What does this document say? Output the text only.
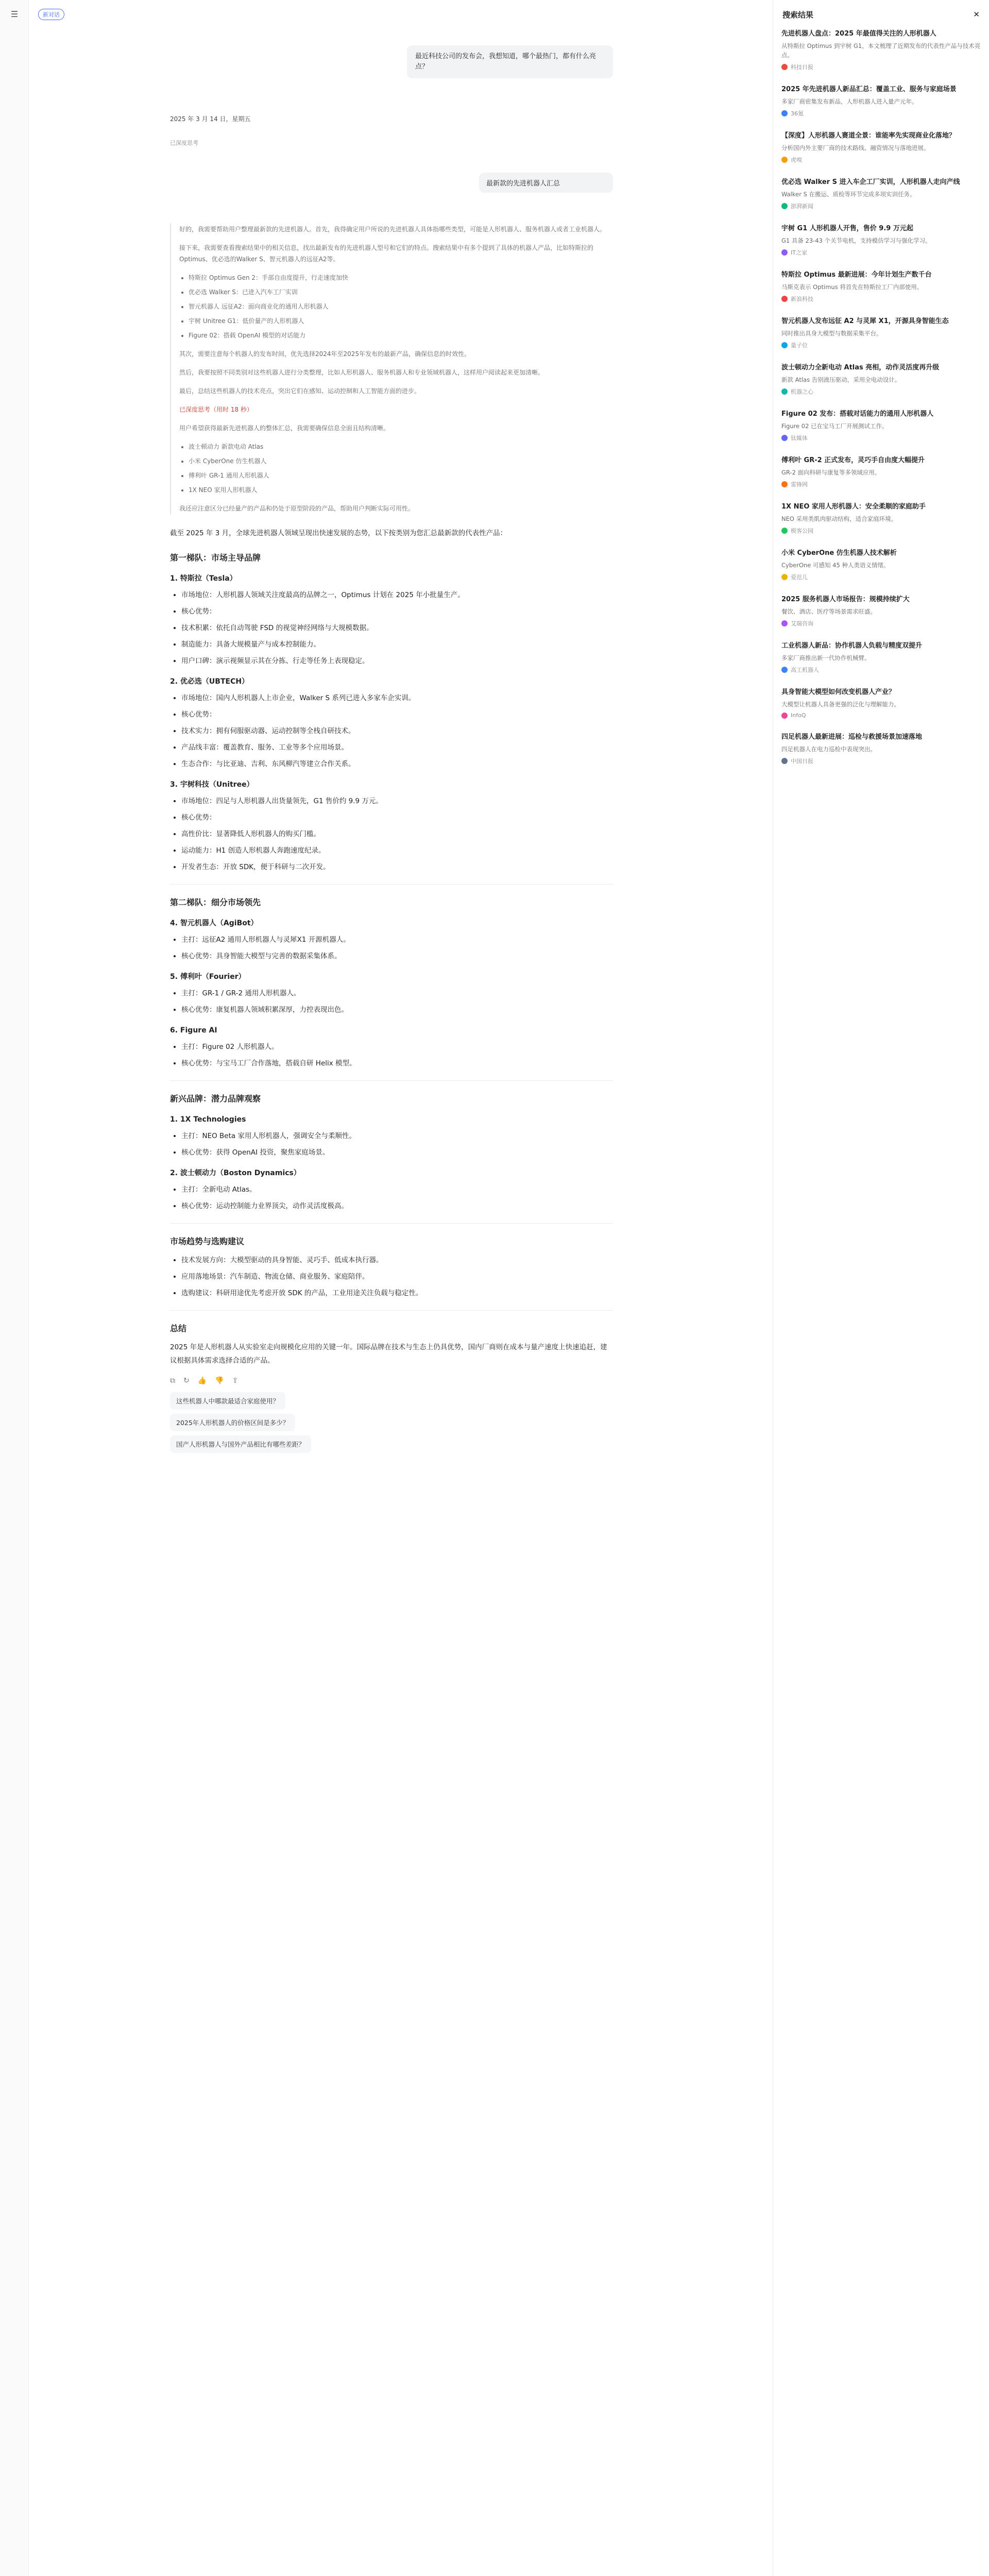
☰	新对话
最近科技公司的发布会，我想知道，哪个最热门，都有什么亮点？
2025 年 3 月 14 日，星期五
已深度思考
最新款的先进机器人汇总

好的，我需要帮助用户整理最新款的先进机器人。首先，我得确定用户所说的先进机器人具体指哪些类型，可能是人形机器人、服务机器人或者工业机器人。

接下来，我需要查看搜索结果中的相关信息，找出最新发布的先进机器人型号和它们的特点。搜索结果中有多个提到了具体的机器人产品，比如特斯拉的Optimus、优必选的Walker S、智元机器人的远征A2等。

• 特斯拉 Optimus Gen 2：手部自由度提升，行走速度加快
• 优必选 Walker S：已进入汽车工厂实训
• 智元机器人 远征A2：面向商业化的通用人形机器人
• 宇树 Unitree G1：低价量产的人形机器人
• Figure 02：搭载 OpenAI 模型的对话能力

其次，需要注意每个机器人的发布时间，优先选择2024年至2025年发布的最新产品，确保信息的时效性。

然后，我要按照不同类别对这些机器人进行分类整理，比如人形机器人、服务机器人和专业领域机器人，这样用户阅读起来更加清晰。

最后，总结这些机器人的技术亮点，突出它们在感知、运动控制和人工智能方面的进步。

已深度思考（用时 18 秒）

用户希望获得最新先进机器人的整体汇总，我需要确保信息全面且结构清晰。

• 波士顿动力 新款电动 Atlas
• 小米 CyberOne 仿生机器人
• 傅利叶 GR-1 通用人形机器人
• 1X NEO 家用人形机器人

我还应注意区分已经量产的产品和仍处于原型阶段的产品，帮助用户判断实际可用性。

截至 2025 年 3 月，全球先进机器人领域呈现出快速发展的态势，以下按类别为您汇总最新款的代表性产品：

第一梯队：市场主导品牌
1. 特斯拉（Tesla）
• 市场地位：人形机器人领域关注度最高的品牌之一，Optimus 计划在 2025 年小批量生产。
• 核心优势：
• 技术积累：依托自动驾驶 FSD 的视觉神经网络与大规模数据。
• 制造能力：具备大规模量产与成本控制能力。
• 用户口碑：演示视频显示其在分拣、行走等任务上表现稳定。
2. 优必选（UBTECH）
• 市场地位：国内人形机器人上市企业，Walker S 系列已进入多家车企实训。
• 核心优势：
• 技术实力：拥有伺服驱动器、运动控制等全栈自研技术。
• 产品线丰富：覆盖教育、服务、工业等多个应用场景。
• 生态合作：与比亚迪、吉利、东风柳汽等建立合作关系。
3. 宇树科技（Unitree）
• 市场地位：四足与人形机器人出货量领先，G1 售价约 9.9 万元。
• 核心优势：
• 高性价比：显著降低人形机器人的购买门槛。
• 运动能力：H1 创造人形机器人奔跑速度纪录。
• 开发者生态：开放 SDK，便于科研与二次开发。
第二梯队：细分市场领先
4. 智元机器人（AgiBot）
• 主打：远征A2 通用人形机器人与灵犀X1 开源机器人。
• 核心优势：具身智能大模型与完善的数据采集体系。
5. 傅利叶（Fourier）
• 主打：GR-1 / GR-2 通用人形机器人。
• 核心优势：康复机器人领域积累深厚，力控表现出色。
6. Figure AI
• 主打：Figure 02 人形机器人。
• 核心优势：与宝马工厂合作落地，搭载自研 Helix 模型。
新兴品牌：潜力品牌观察
1. 1X Technologies
• 主打：NEO Beta 家用人形机器人，强调安全与柔顺性。
• 核心优势：获得 OpenAI 投资，聚焦家庭场景。
2. 波士顿动力（Boston Dynamics）
• 主打：全新电动 Atlas。
• 核心优势：运动控制能力业界顶尖，动作灵活度极高。
市场趋势与选购建议
• 技术发展方向：大模型驱动的具身智能、灵巧手、低成本执行器。
• 应用落地场景：汽车制造、物流仓储、商业服务、家庭陪伴。
• 选购建议：科研用途优先考虑开放 SDK 的产品，工业用途关注负载与稳定性。
总结

2025 年是人形机器人从实验室走向规模化应用的关键一年。国际品牌在技术与生态上仍具优势，国内厂商则在成本与量产速度上快速追赶，建议根据具体需求选择合适的产品。

⧉ ↻ 👍 👎 ⇪
这些机器人中哪款最适合家庭使用？
2025年人形机器人的价格区间是多少？
国产人形机器人与国外产品相比有哪些差距？
搜索结果	✕
先进机器人盘点：2025 年最值得关注的人形机器人
从特斯拉 Optimus 到宇树 G1，本文梳理了近期发布的代表性产品与技术亮点。
科技日报
2025 年先进机器人新品汇总：覆盖工业、服务与家庭场景
多家厂商密集发布新品，人形机器人进入量产元年。
36氪
【深度】人形机器人赛道全景：谁能率先实现商业化落地？
分析国内外主要厂商的技术路线、融资情况与落地进展。
虎嗅
优必选 Walker S 进入车企工厂实训，人形机器人走向产线
Walker S 在搬运、质检等环节完成多项实训任务。
澎湃新闻
宇树 G1 人形机器人开售，售价 9.9 万元起
G1 具备 23-43 个关节电机，支持模仿学习与强化学习。
IT之家
特斯拉 Optimus 最新进展：今年计划生产数千台
马斯克表示 Optimus 将首先在特斯拉工厂内部使用。
新浪科技
智元机器人发布远征 A2 与灵犀 X1，开源具身智能生态
同时推出具身大模型与数据采集平台。
量子位
波士顿动力全新电动 Atlas 亮相，动作灵活度再升级
新款 Atlas 告别液压驱动，采用全电动设计。
机器之心
Figure 02 发布：搭载对话能力的通用人形机器人
Figure 02 已在宝马工厂开展测试工作。
钛媒体
傅利叶 GR-2 正式发布，灵巧手自由度大幅提升
GR-2 面向科研与康复等多领域应用。
雷锋网
1X NEO 家用人形机器人：安全柔顺的家庭助手
NEO 采用类肌肉驱动结构，适合家庭环境。
极客公园
小米 CyberOne 仿生机器人技术解析
CyberOne 可感知 45 种人类语义情绪。
爱范儿
2025 服务机器人市场报告：规模持续扩大
餐饮、酒店、医疗等场景需求旺盛。
艾瑞咨询
工业机器人新品：协作机器人负载与精度双提升
多家厂商推出新一代协作机械臂。
高工机器人
具身智能大模型如何改变机器人产业？
大模型让机器人具备更强的泛化与理解能力。
InfoQ
四足机器人最新进展：巡检与救援场景加速落地
四足机器人在电力巡检中表现突出。
中国日报
